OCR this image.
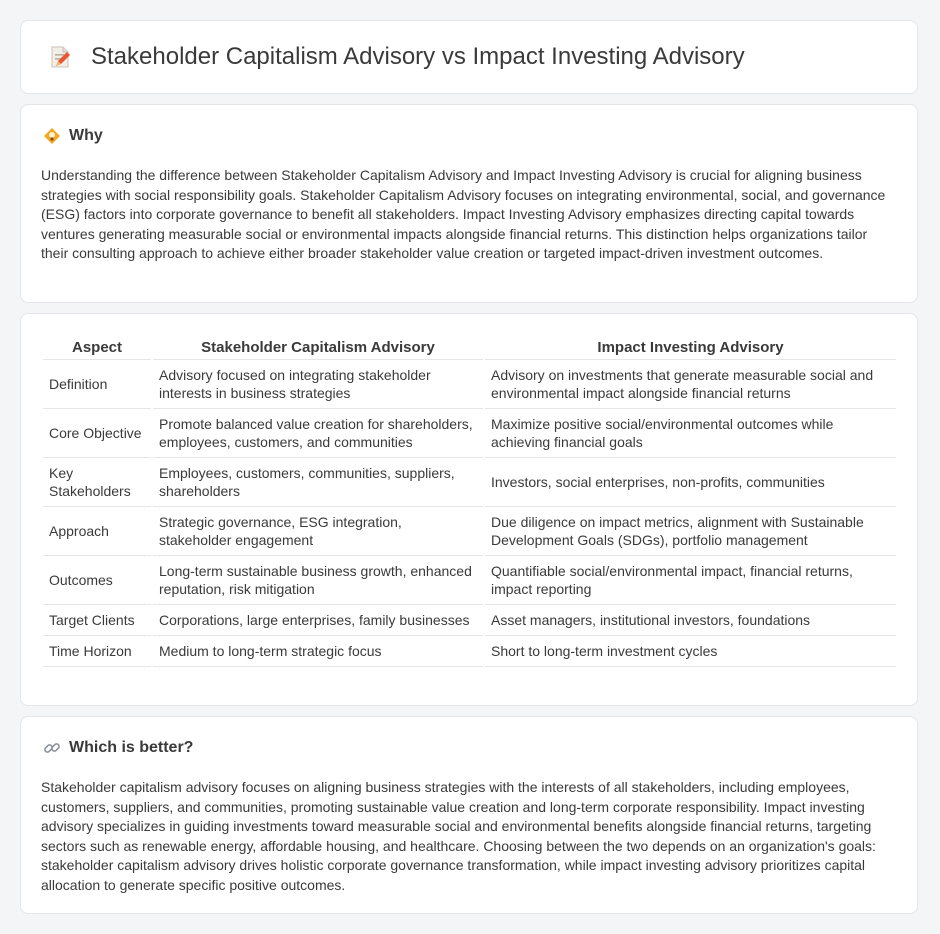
Stakeholder Capitalism Advisory vs Impact Investing Advisory
Why

Understanding the difference between Stakeholder Capitalism Advisory and Impact Investing Advisory is crucial for aligning business strategies with social responsibility goals. Stakeholder Capitalism Advisory focuses on integrating environmental, social, and governance (ESG) factors into corporate governance to benefit all stakeholders. Impact Investing Advisory emphasizes directing capital towards ventures generating measurable social or environmental impacts alongside financial returns. This distinction helps organizations tailor their consulting approach to achieve either broader stakeholder value creation or targeted impact-driven investment outcomes.

Aspect	Stakeholder Capitalism Advisory	Impact Investing Advisory
Definition	Advisory focused on integrating stakeholder interests in business strategies	Advisory on investments that generate measurable social and environmental impact alongside financial returns
Core Objective	Promote balanced value creation for shareholders, employees, customers, and communities	Maximize positive social/environmental outcomes while achieving financial goals
Key Stakeholders	Employees, customers, communities, suppliers, shareholders	Investors, social enterprises, non-profits, communities
Approach	Strategic governance, ESG integration, stakeholder engagement	Due diligence on impact metrics, alignment with Sustainable Development Goals (SDGs), portfolio management
Outcomes	Long-term sustainable business growth, enhanced reputation, risk mitigation	Quantifiable social/environmental impact, financial returns, impact reporting
Target Clients	Corporations, large enterprises, family businesses	Asset managers, institutional investors, foundations
Time Horizon	Medium to long-term strategic focus	Short to long-term investment cycles
Which is better?

Stakeholder capitalism advisory focuses on aligning business strategies with the interests of all stakeholders, including employees, customers, suppliers, and communities, promoting sustainable value creation and long-term corporate responsibility. Impact investing advisory specializes in guiding investments toward measurable social and environmental benefits alongside financial returns, targeting sectors such as renewable energy, affordable housing, and healthcare. Choosing between the two depends on an organization's goals: stakeholder capitalism advisory drives holistic corporate governance transformation, while impact investing advisory prioritizes capital allocation to generate specific positive outcomes.
